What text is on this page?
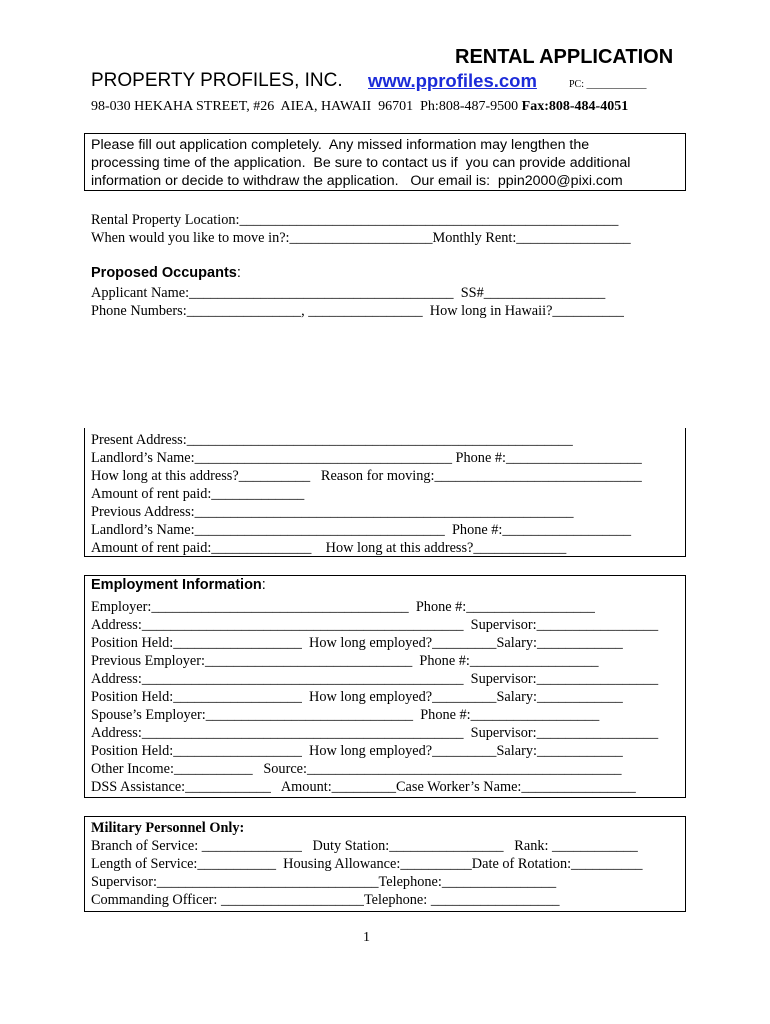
RENTAL APPLICATION
PROPERTY PROFILES, INC. www.pprofiles.com	PC: ____________
98-030 HEKAHA STREET, #26  AIEA, HAWAII  96701  Ph:808-487-9500 Fax:808-484-4051
Please fill out application completely.  Any missed information may lengthen the
processing time of the application.  Be sure to contact us if  you can provide additional
information or decide to withdraw the application.   Our email is:  ppin2000@pixi.com
Rental Property Location:_____________________________________________________
When would you like to move in?:____________________Monthly Rent:________________
Proposed Occupants:
Applicant Name:_____________________________________  SS#_________________
Phone Numbers:________________, ________________  How long in Hawaii?__________
Present Address:______________________________________________________
Landlord’s Name:____________________________________ Phone #:___________________
How long at this address?__________   Reason for moving:_____________________________
Amount of rent paid:_____________
Previous Address:_____________________________________________________
Landlord’s Name:___________________________________  Phone #:__________________
Amount of rent paid:______________    How long at this address?_____________
Employment Information:
Employer:____________________________________  Phone #:__________________
Address:_____________________________________________  Supervisor:_________________
Position Held:__________________  How long employed?_________Salary:____________
Previous Employer:_____________________________  Phone #:__________________
Address:_____________________________________________  Supervisor:_________________
Position Held:__________________  How long employed?_________Salary:____________
Spouse’s Employer:_____________________________  Phone #:__________________
Address:_____________________________________________  Supervisor:_________________
Position Held:__________________  How long employed?_________Salary:____________
Other Income:___________   Source:____________________________________________
DSS Assistance:____________   Amount:_________Case Worker’s Name:________________
Military Personnel Only:
Branch of Service: ______________   Duty Station:________________   Rank: ____________
Length of Service:___________  Housing Allowance:__________Date of Rotation:__________
Supervisor:_______________________________Telephone:________________
Commanding Officer: ____________________Telephone: __________________
1
